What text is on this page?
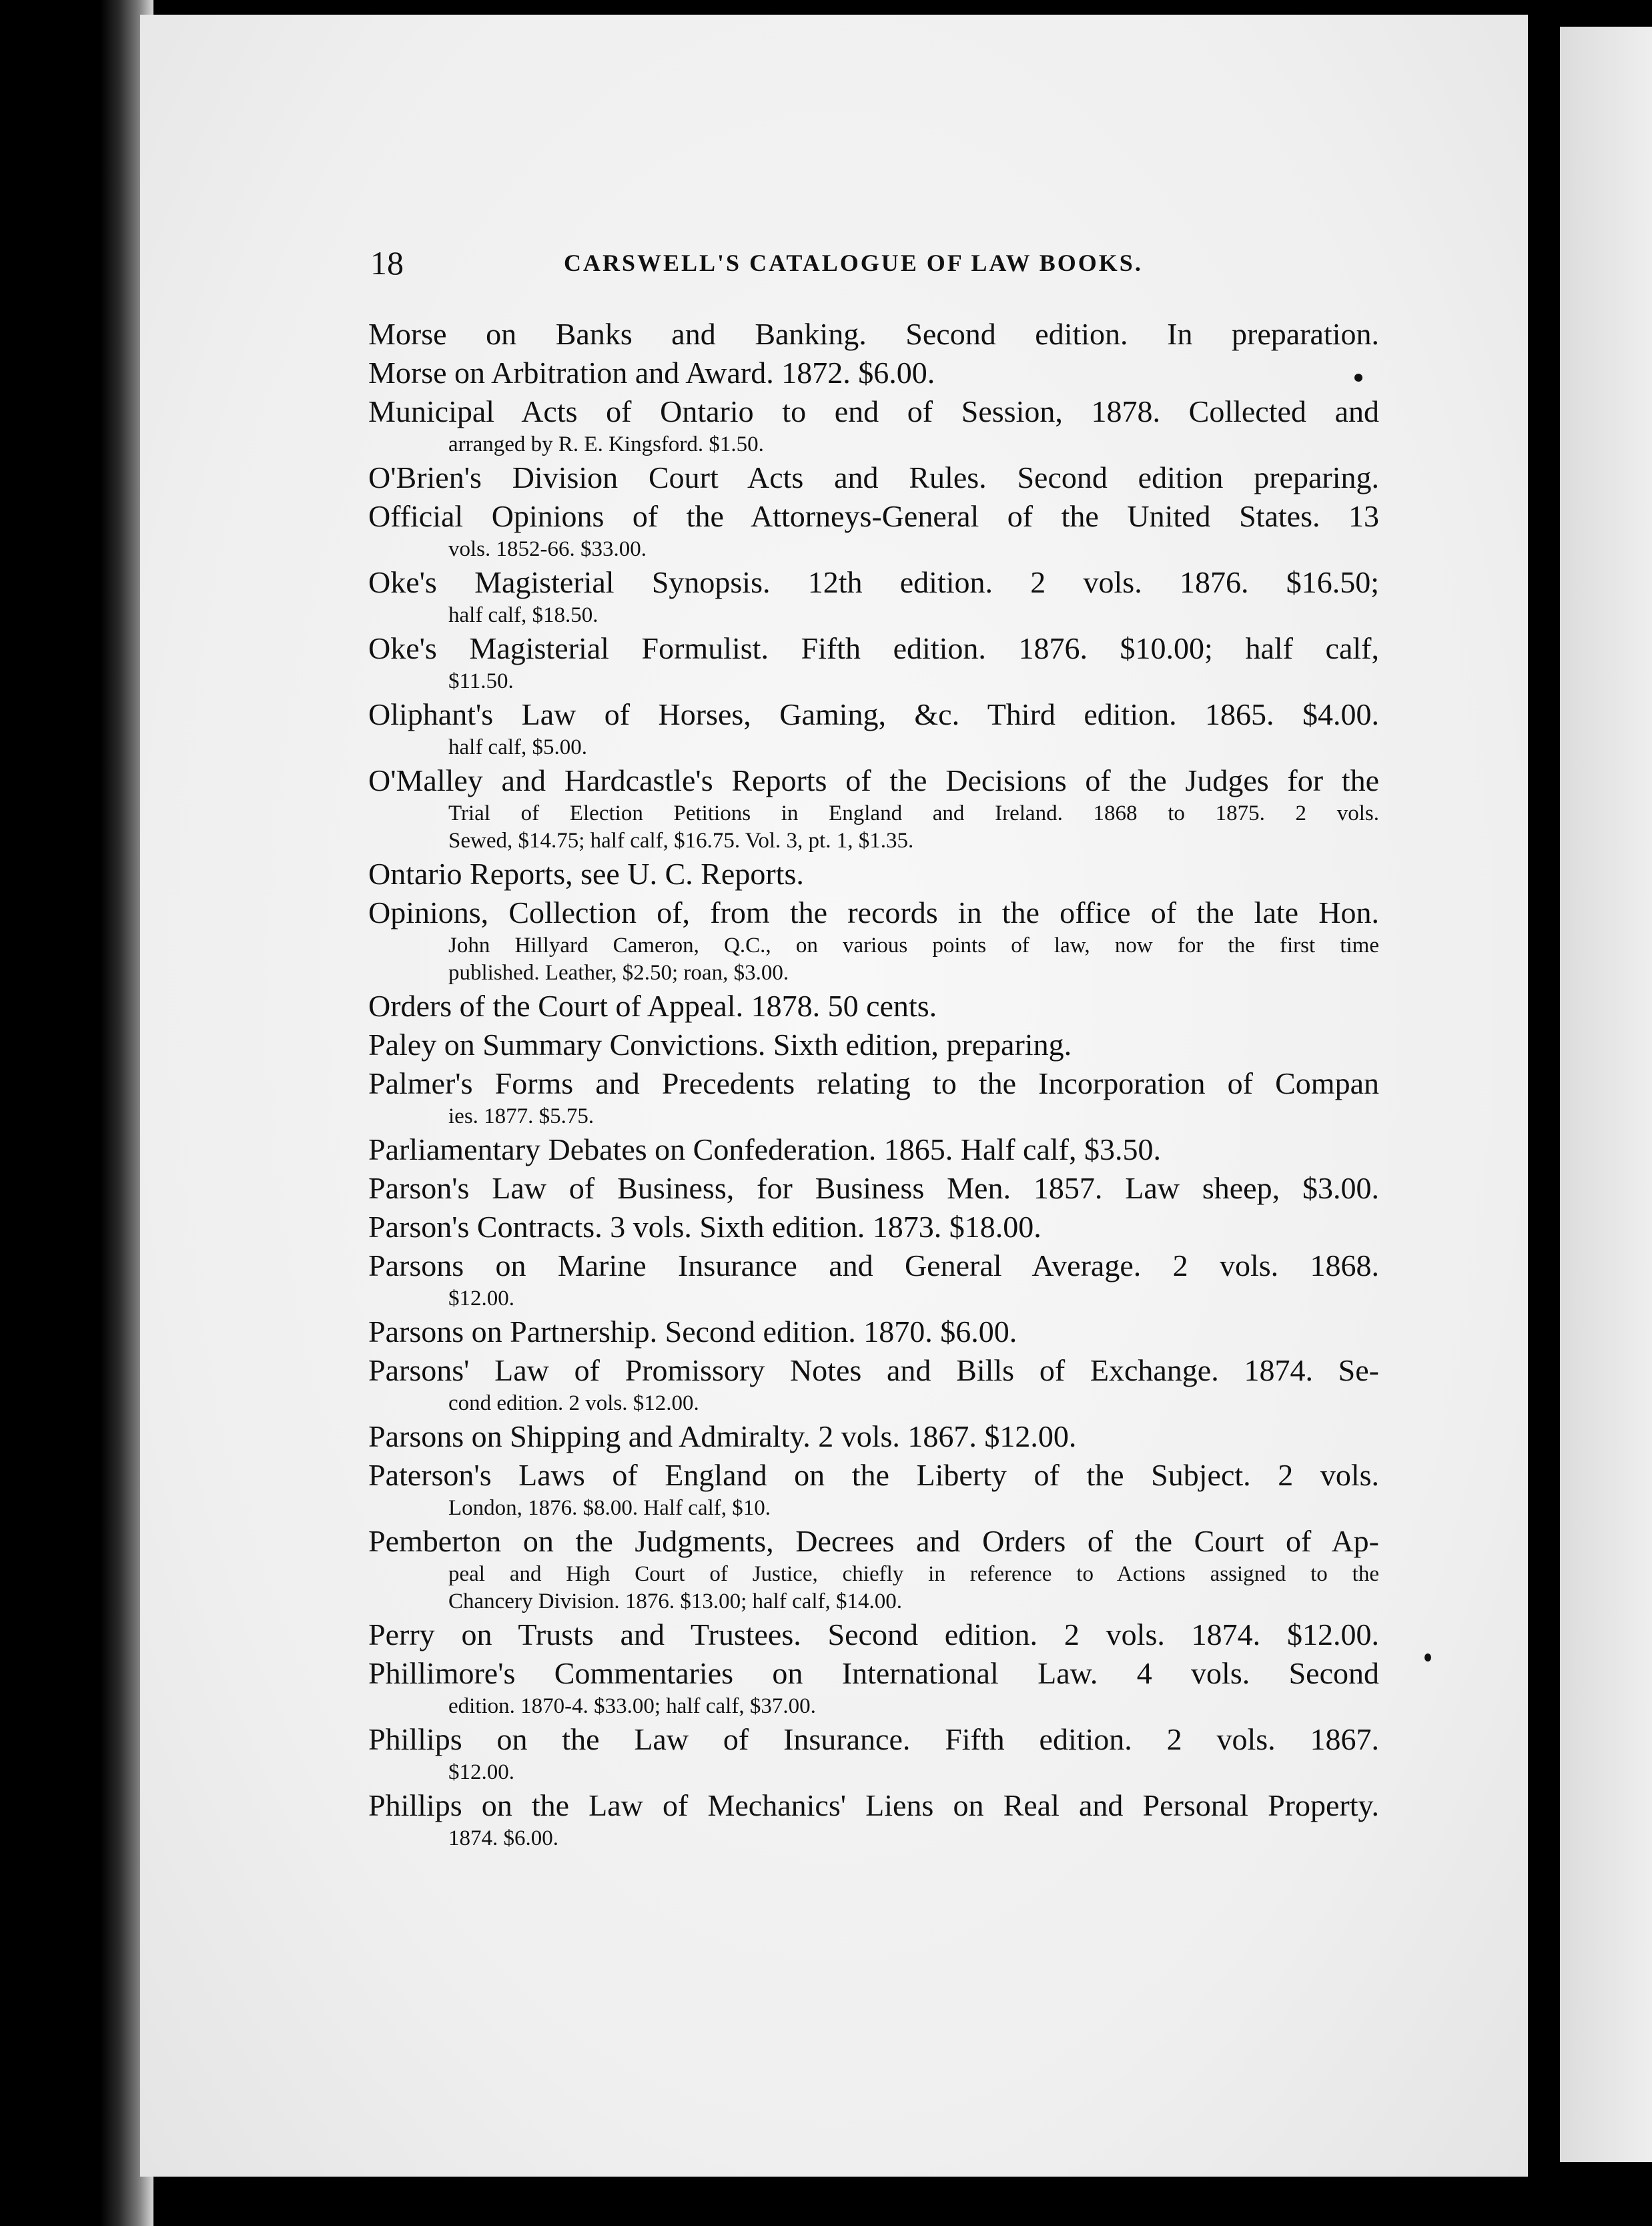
18	CARSWELL'S CATALOGUE OF LAW BOOKS.
Morse on Banks and Banking. Second edition. In preparation.
Morse on Arbitration and Award. 1872. $6.00.
Municipal Acts of Ontario to end of Session, 1878. Collected and
arranged by R. E. Kingsford. $1.50.
O'Brien's Division Court Acts and Rules. Second edition preparing.
Official Opinions of the Attorneys-General of the United States. 13
vols. 1852-66. $33.00.
Oke's Magisterial Synopsis. 12th edition. 2 vols. 1876. $16.50;
half calf, $18.50.
Oke's Magisterial Formulist. Fifth edition. 1876. $10.00; half calf,
$11.50.
Oliphant's Law of Horses, Gaming, &c. Third edition. 1865. $4.00.
half calf, $5.00.
O'Malley and Hardcastle's Reports of the Decisions of the Judges for the
Trial of Election Petitions in England and Ireland. 1868 to 1875. 2 vols.
Sewed, $14.75; half calf, $16.75. Vol. 3, pt. 1, $1.35.
Ontario Reports, see U. C. Reports.
Opinions, Collection of, from the records in the office of the late Hon.
John Hillyard Cameron, Q.C., on various points of law, now for the first time
published. Leather, $2.50; roan, $3.00.
Orders of the Court of Appeal. 1878. 50 cents.
Paley on Summary Convictions. Sixth edition, preparing.
Palmer's Forms and Precedents relating to the Incorporation of Compan
ies. 1877. $5.75.
Parliamentary Debates on Confederation. 1865. Half calf, $3.50.
Parson's Law of Business, for Business Men. 1857. Law sheep, $3.00.
Parson's Contracts. 3 vols. Sixth edition. 1873. $18.00.
Parsons on Marine Insurance and General Average. 2 vols. 1868.
$12.00.
Parsons on Partnership. Second edition. 1870. $6.00.
Parsons' Law of Promissory Notes and Bills of Exchange. 1874. Se-
cond edition. 2 vols. $12.00.
Parsons on Shipping and Admiralty. 2 vols. 1867. $12.00.
Paterson's Laws of England on the Liberty of the Subject. 2 vols.
London, 1876. $8.00. Half calf, $10.
Pemberton on the Judgments, Decrees and Orders of the Court of Ap-
peal and High Court of Justice, chiefly in reference to Actions assigned to the
Chancery Division. 1876. $13.00; half calf, $14.00.
Perry on Trusts and Trustees. Second edition. 2 vols. 1874. $12.00.
Phillimore's Commentaries on International Law. 4 vols. Second
edition. 1870-4. $33.00; half calf, $37.00.
Phillips on the Law of Insurance. Fifth edition. 2 vols. 1867.
$12.00.
Phillips on the Law of Mechanics' Liens on Real and Personal Property.
1874. $6.00.
